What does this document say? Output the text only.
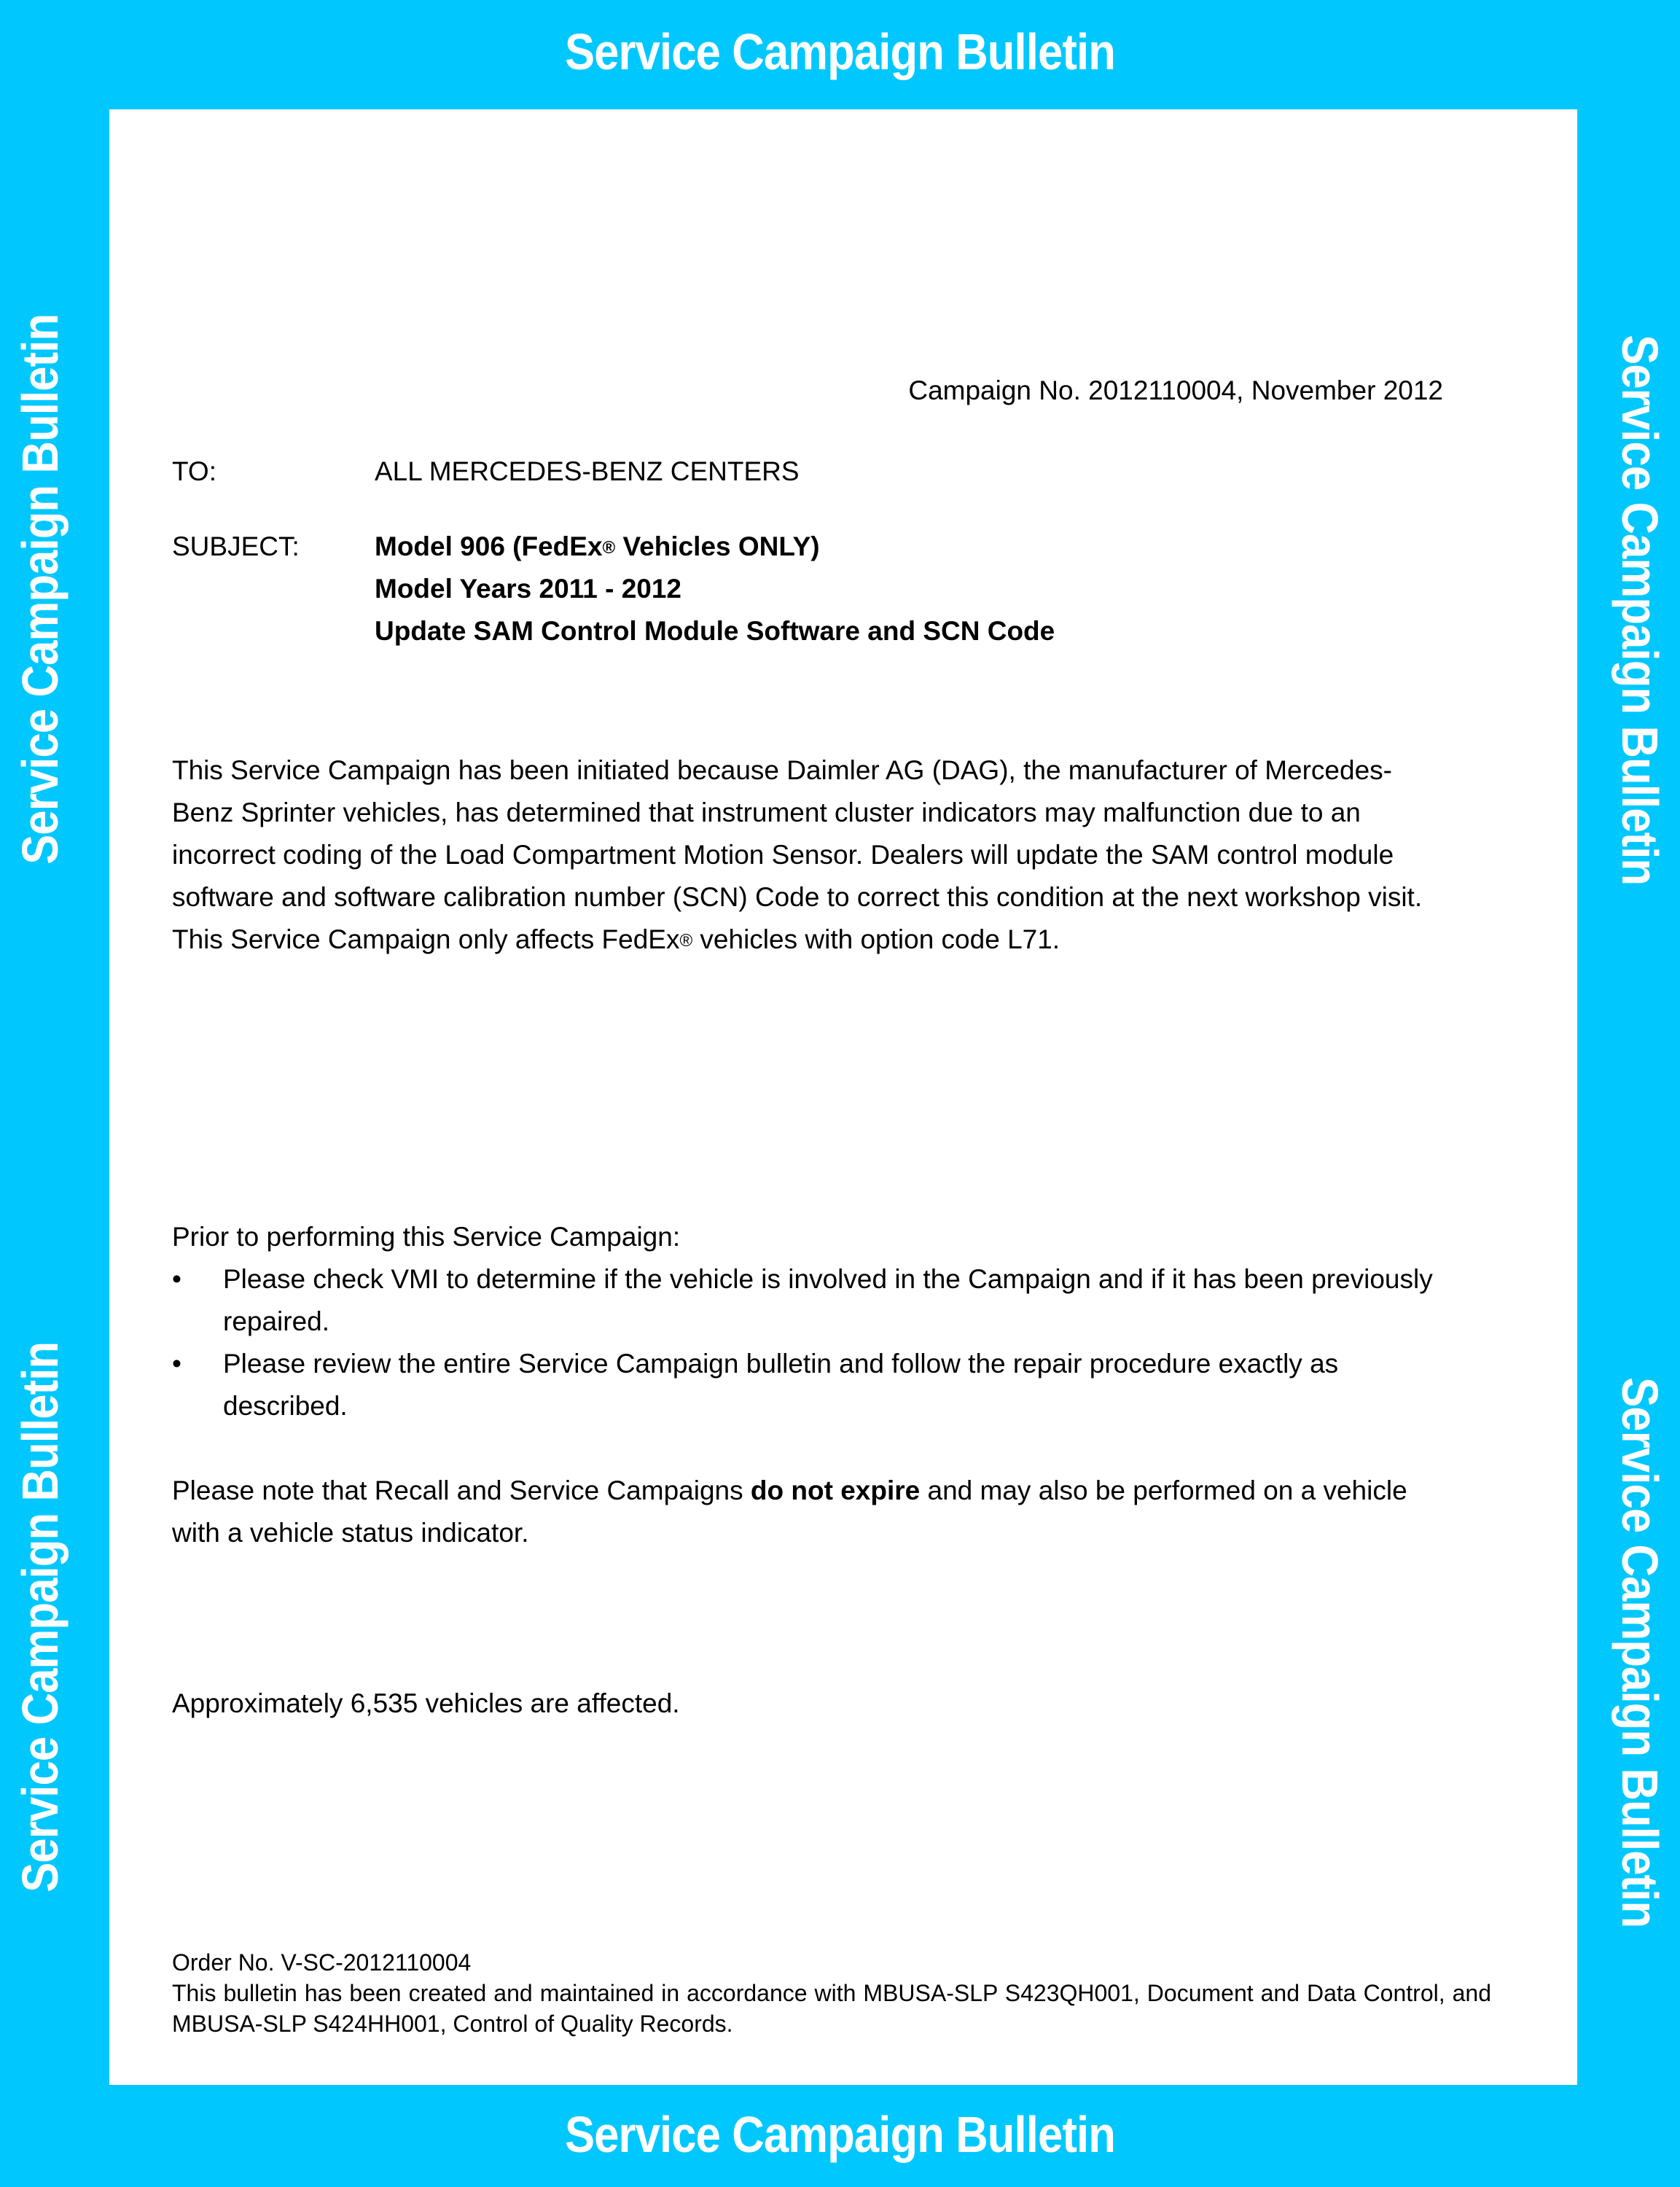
Service Campaign Bulletin
Service Campaign Bulletin
Service Campaign Bulletin
Service Campaign Bulletin
Service Campaign Bulletin
Service Campaign Bulletin
Campaign No. 2012110004, November 2012
TO:	ALL MERCEDES-BENZ CENTERS
SUBJECT:	Model 906 (FedEx® Vehicles ONLY)
Model Years 2011 - 2012
Update SAM Control Module Software and SCN Code
This Service Campaign has been initiated because Daimler AG (DAG), the manufacturer of Mercedes-
Benz Sprinter vehicles, has determined that instrument cluster indicators may malfunction due to an
incorrect coding of the Load Compartment Motion Sensor. Dealers will update the SAM control module
software and software calibration number (SCN) Code to correct this condition at the next workshop visit.
This Service Campaign only affects FedEx® vehicles with option code L71.
Prior to performing this Service Campaign:
• Please check VMI to determine if the vehicle is involved in the Campaign and if it has been previously
repaired.
• Please review the entire Service Campaign bulletin and follow the repair procedure exactly as
described.
Please note that Recall and Service Campaigns do not expire and may also be performed on a vehicle
with a vehicle status indicator.
Approximately 6,535 vehicles are affected.
Order No. V-SC-2012110004
This bulletin has been created and maintained in accordance with MBUSA-SLP S423QH001, Document and Data Control, and MBUSA-SLP S424HH001, Control of Quality Records.
